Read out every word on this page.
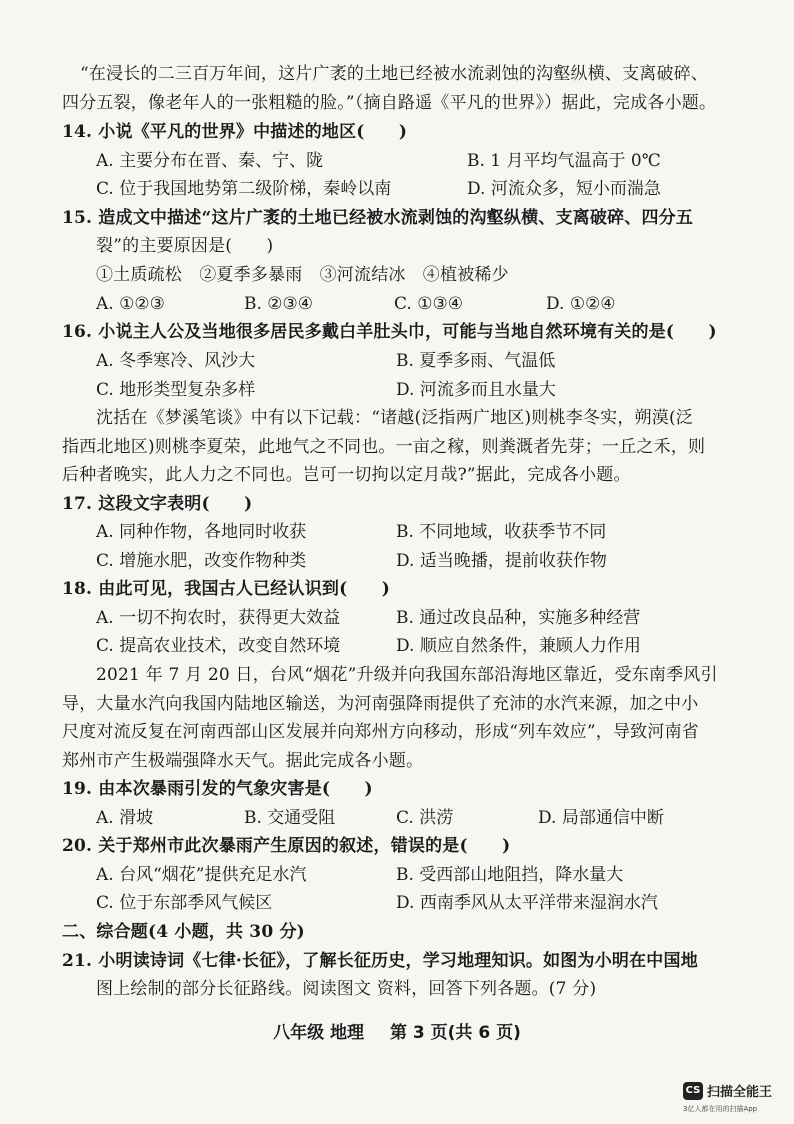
“在浸长的二三百万年间，这片广袤的土地已经被水流剥蚀的沟壑纵横、支离破碎、
四分五裂，像老年人的一张粗糙的脸。”（摘自路遥《平凡的世界》）据此，完成各小题。
14. 小说《平凡的世界》中描述的地区(　　)
A. 主要分布在晋、秦、宁、陇	B. 1 月平均气温高于 0℃
C. 位于我国地势第二级阶梯，秦岭以南	D. 河流众多，短小而湍急
15. 造成文中描述“这片广袤的土地已经被水流剥蚀的沟壑纵横、支离破碎、四分五
裂”的主要原因是(　　)
①土质疏松　②夏季多暴雨　③河流结冰　④植被稀少
A. ①②③	B. ②③④	C. ①③④	D. ①②④
16. 小说主人公及当地很多居民多戴白羊肚头巾，可能与当地自然环境有关的是(　　)
A. 冬季寒冷、风沙大	B. 夏季多雨、气温低
C. 地形类型复杂多样	D. 河流多而且水量大
沈括在《梦溪笔谈》中有以下记载：“诸越(泛指两广地区)则桃李冬实，朔漠(泛
指西北地区)则桃李夏荣，此地气之不同也。一亩之稼，则粪溉者先芽；一丘之禾，则
后种者晚实，此人力之不同也。岂可一切拘以定月哉?”据此，完成各小题。
17. 这段文字表明(　　)
A. 同种作物，各地同时收获	B. 不同地域，收获季节不同
C. 增施水肥，改变作物种类	D. 适当晚播，提前收获作物
18. 由此可见，我国古人已经认识到(　　)
A. 一切不拘农时，获得更大效益	B. 通过改良品种，实施多种经营
C. 提高农业技术，改变自然环境	D. 顺应自然条件，兼顾人力作用
2021 年 7 月 20 日，台风“烟花”升级并向我国东部沿海地区靠近，受东南季风引
导，大量水汽向我国内陆地区输送，为河南强降雨提供了充沛的水汽来源，加之中小
尺度对流反复在河南西部山区发展并向郑州方向移动，形成“列车效应”，导致河南省
郑州市产生极端强降水天气。据此完成各小题。
19. 由本次暴雨引发的气象灾害是(　　)
A. 滑坡	B. 交通受阻	C. 洪涝	D. 局部通信中断
20. 关于郑州市此次暴雨产生原因的叙述，错误的是(　　)
A. 台风“烟花”提供充足水汽	B. 受西部山地阻挡，降水量大
C. 位于东部季风气候区	D. 西南季风从太平洋带来湿润水汽
二、综合题(4 小题，共 30 分)
21. 小明读诗词《七律·长征》，了解长征历史，学习地理知识。如图为小明在中国地
图上绘制的部分长征路线。阅读图文 资料，回答下列各题。(7 分)
八年级 地理 第 3 页(共 6 页)
CS 扫描全能王
3亿人都在用的扫描App
